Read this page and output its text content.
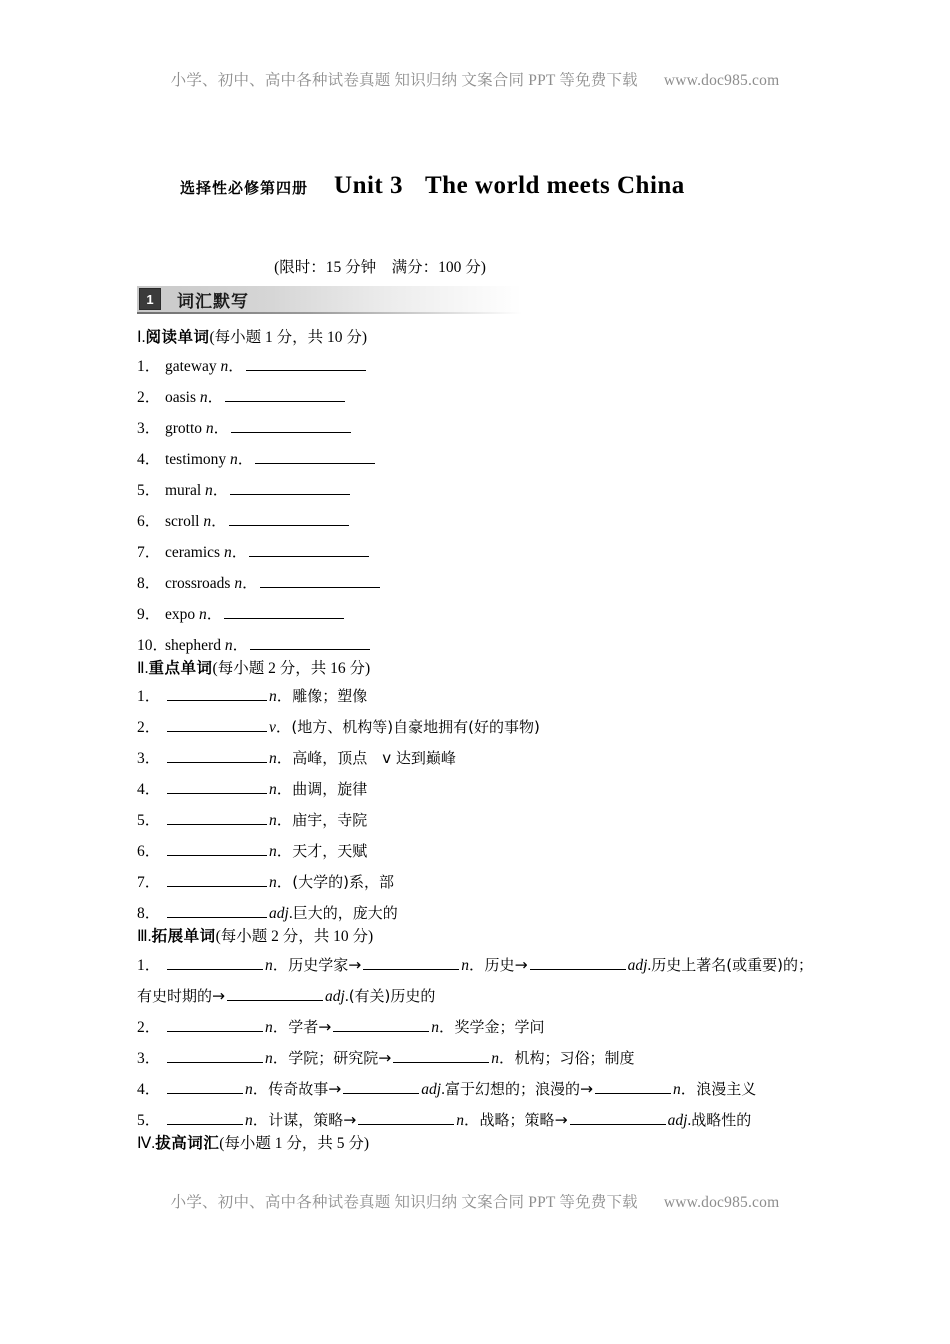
小学、初中、高中各种试卷真题 知识归纳 文案合同 PPT 等免费下载 www.doc985.com
选择性必修第四册 Unit 3 The world meets China
(限时：15 分钟　满分：100 分)
1	词汇默写
Ⅰ.阅读单词(每小题 1 分，共 10 分)
1． gateway n．
2． oasis n．
3． grotto n．
4． testimony n．
5． mural n．
6． scroll n．
7． ceramics n．
8． crossroads n．
9． expo n．
10．shepherd n．
Ⅱ.重点单词(每小题 2 分，共 16 分)
1．	n．雕像；塑像
2．	v．(地方、机构等)自豪地拥有(好的事物)
3．	n．高峰，顶点　v 达到巅峰
4．	n．曲调，旋律
5．	n．庙宇，寺院
6．	n．天才，天赋
7．	n．(大学的)系，部
8．	adj.巨大的，庞大的
Ⅲ.拓展单词(每小题 2 分，共 10 分)
1．	n．历史学家→	n．历史→	adj.历史上著名(或重要)的；有史时期的→	adj.(有关)历史的
2．	n．学者→	n．奖学金；学问
3．	n．学院；研究院→	n．机构；习俗；制度
4．	n．传奇故事→	adj.富于幻想的；浪漫的→	n．浪漫主义
5．	n．计谋，策略→	n．战略；策略→	adj.战略性的
Ⅳ.拔高词汇(每小题 1 分，共 5 分)
小学、初中、高中各种试卷真题 知识归纳 文案合同 PPT 等免费下载 www.doc985.com
